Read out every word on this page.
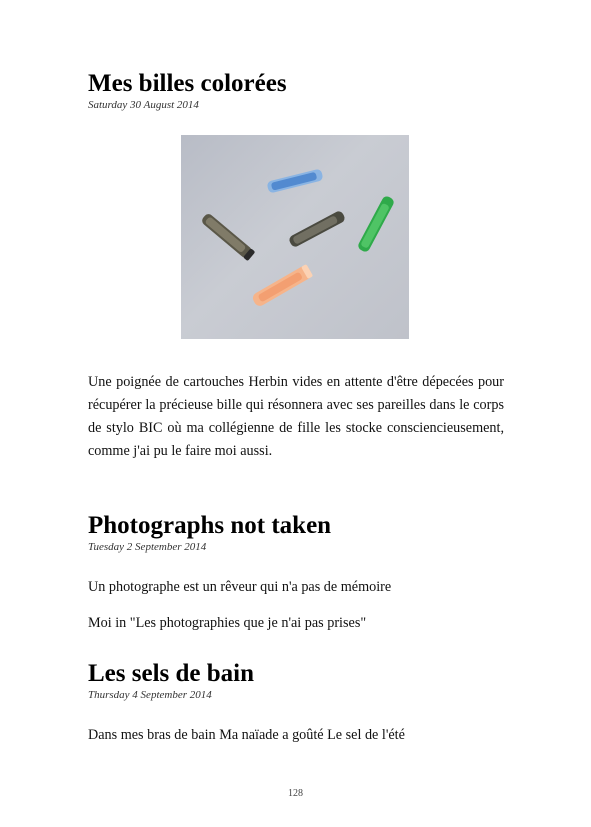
Mes billes colorées

Saturday 30 August 2014

Une poignée de cartouches Herbin vides en attente d'être dépecées pour récupérer la précieuse bille qui résonnera avec ses pareilles dans le corps de stylo BIC où ma collégienne de fille les stocke consciencieusement, comme j'ai pu le faire moi aussi.

Photographs not taken

Tuesday 2 September 2014

Un photographe est un rêveur qui n'a pas de mémoire

Moi in "Les photographies que je n'ai pas prises"

Les sels de bain

Thursday 4 September 2014

Dans mes bras de bain Ma naïade a goûté Le sel de l'été

128
